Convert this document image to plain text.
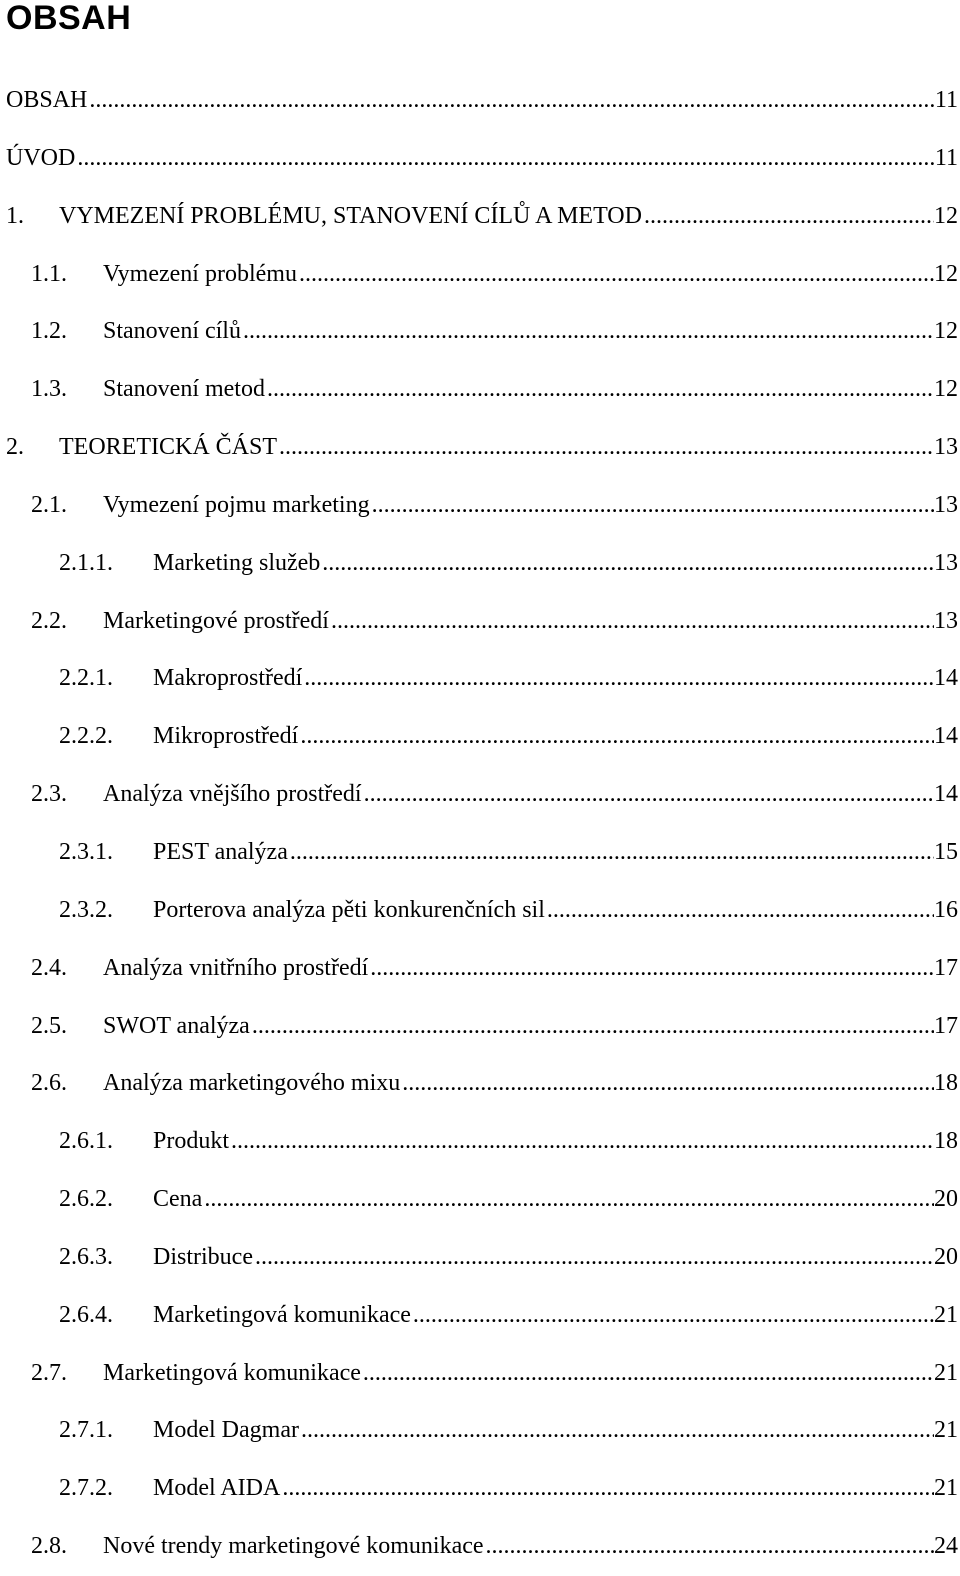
OBSAH
OBSAH .....	11
ÚVOD .....	11
1.	VYMEZENÍ PROBLÉMU, STANOVENÍ CÍLŮ A METOD .....	12
1.1.	Vymezení problému .....	12
1.2.	Stanovení cílů .....	12
1.3.	Stanovení metod .....	12
2.	TEORETICKÁ ČÁST .....	13
2.1.	Vymezení pojmu marketing .....	13
2.1.1.	Marketing služeb .....	13
2.2.	Marketingové prostředí .....	13
2.2.1.	Makroprostředí .....	14
2.2.2.	Mikroprostředí .....	14
2.3.	Analýza vnějšího prostředí .....	14
2.3.1.	PEST analýza .....	15
2.3.2.	Porterova analýza pěti konkurenčních sil .....	16
2.4.	Analýza vnitřního prostředí .....	17
2.5.	SWOT analýza .....	17
2.6.	Analýza marketingového mixu .....	18
2.6.1.	Produkt .....	18
2.6.2.	Cena .....	20
2.6.3.	Distribuce .....	20
2.6.4.	Marketingová komunikace .....	21
2.7.	Marketingová komunikace .....	21
2.7.1.	Model Dagmar .....	21
2.7.2.	Model AIDA .....	21
2.8.	Nové trendy marketingové komunikace .....	24
